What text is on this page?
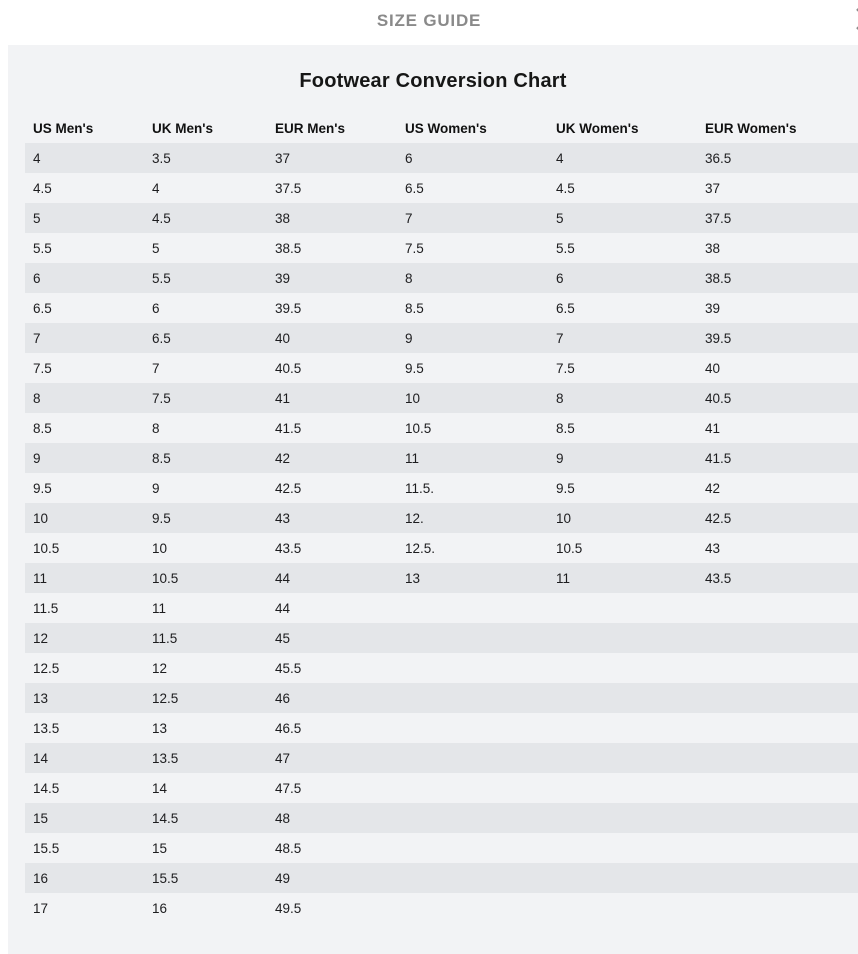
SIZE GUIDE
Footwear Conversion Chart
US Men's	UK Men's	EUR Men's	US Women's	UK Women's	EUR Women's
4	3.5	37	6	4	36.5
4.5	4	37.5	6.5	4.5	37
5	4.5	38	7	5	37.5
5.5	5	38.5	7.5	5.5	38
6	5.5	39	8	6	38.5
6.5	6	39.5	8.5	6.5	39
7	6.5	40	9	7	39.5
7.5	7	40.5	9.5	7.5	40
8	7.5	41	10	8	40.5
8.5	8	41.5	10.5	8.5	41
9	8.5	42	11	9	41.5
9.5	9	42.5	11.5.	9.5	42
10	9.5	43	12.	10	42.5
10.5	10	43.5	12.5.	10.5	43
11	10.5	44	13	11	43.5
11.5	11	44			
12	11.5	45			
12.5	12	45.5			
13	12.5	46			
13.5	13	46.5			
14	13.5	47			
14.5	14	47.5			
15	14.5	48			
15.5	15	48.5			
16	15.5	49			
17	16	49.5			
